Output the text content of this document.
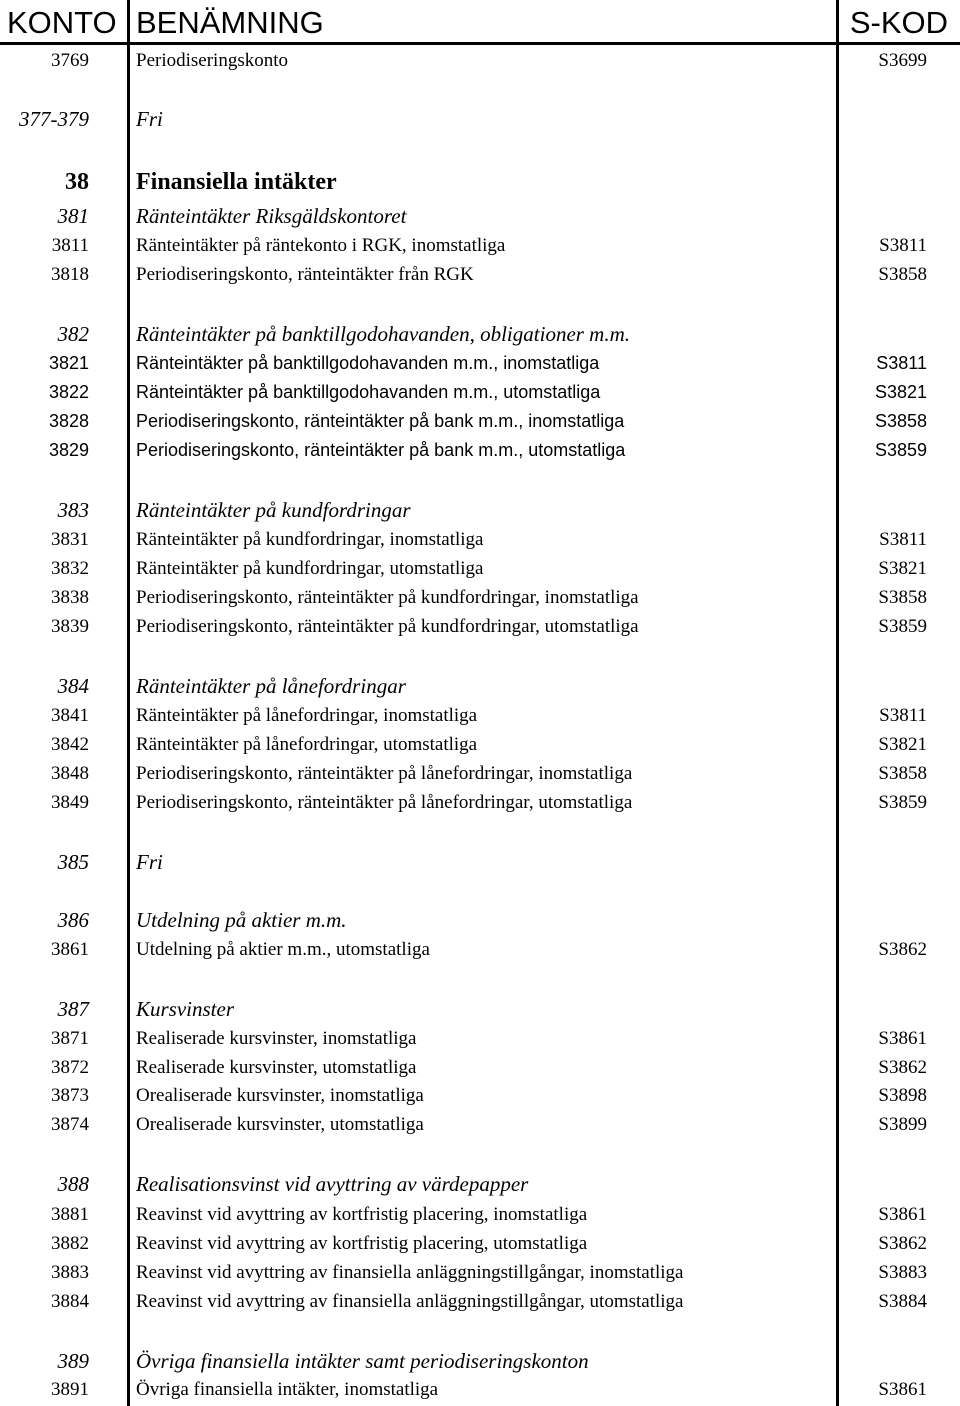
KONTO BENÄMNING	S-KOD
3769 Periodiseringskonto	S3699
377-379 Fri
38 Finansiella intäkter
381 Ränteintäkter Riksgäldskontoret
3811 Ränteintäkter på räntekonto i RGK, inomstatliga	S3811
3818 Periodiseringskonto, ränteintäkter från RGK	S3858
382 Ränteintäkter på banktillgodohavanden, obligationer m.m.
3821	Ränteintäkter på banktillgodohavanden m.m., inomstatliga	S3811
3822	Ränteintäkter på banktillgodohavanden m.m., utomstatliga	S3821
3828	Periodiseringskonto, ränteintäkter på bank m.m., inomstatliga	S3858
3829	Periodiseringskonto, ränteintäkter på bank m.m., utomstatliga	S3859
383 Ränteintäkter på kundfordringar
3831 Ränteintäkter på kundfordringar, inomstatliga	S3811
3832 Ränteintäkter på kundfordringar, utomstatliga	S3821
3838 Periodiseringskonto, ränteintäkter på kundfordringar, inomstatliga	S3858
3839 Periodiseringskonto, ränteintäkter på kundfordringar, utomstatliga	S3859
384 Ränteintäkter på lånefordringar
3841 Ränteintäkter på lånefordringar, inomstatliga	S3811
3842 Ränteintäkter på lånefordringar, utomstatliga	S3821
3848 Periodiseringskonto, ränteintäkter på lånefordringar, inomstatliga	S3858
3849 Periodiseringskonto, ränteintäkter på lånefordringar, utomstatliga	S3859
385 Fri
386 Utdelning på aktier m.m.
3861 Utdelning på aktier m.m., utomstatliga	S3862
387 Kursvinster
3871 Realiserade kursvinster, inomstatliga	S3861
3872 Realiserade kursvinster, utomstatliga	S3862
3873 Orealiserade kursvinster, inomstatliga	S3898
3874 Orealiserade kursvinster, utomstatliga	S3899
388 Realisationsvinst vid avyttring av värdepapper
3881 Reavinst vid avyttring av kortfristig placering, inomstatliga	S3861
3882 Reavinst vid avyttring av kortfristig placering, utomstatliga	S3862
3883 Reavinst vid avyttring av finansiella anläggningstillgångar, inomstatliga	S3883
3884 Reavinst vid avyttring av finansiella anläggningstillgångar, utomstatliga	S3884
389 Övriga finansiella intäkter samt periodiseringskonton
3891 Övriga finansiella intäkter, inomstatliga	S3861
